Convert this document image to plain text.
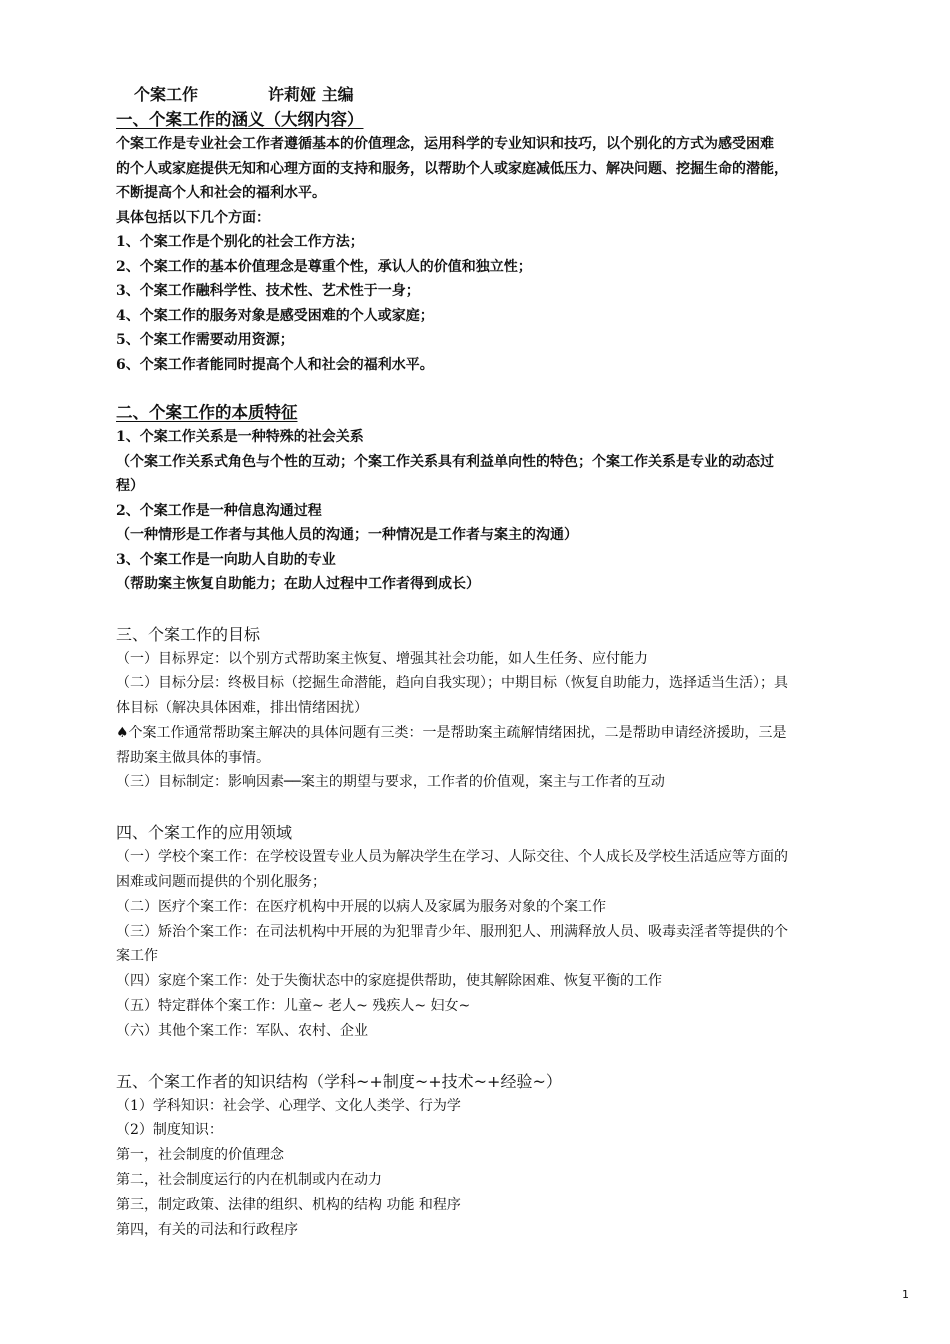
个案工作	许莉娅 主编
一、个案工作的涵义（大纲内容）
个案工作是专业社会工作者遵循基本的价值理念，运用科学的专业知识和技巧，以个别化的方式为感受困难
的个人或家庭提供无知和心理方面的支持和服务，以帮助个人或家庭减低压力、解决问题、挖掘生命的潜能，
不断提高个人和社会的福利水平。
具体包括以下几个方面：
1、个案工作是个别化的社会工作方法；
2、个案工作的基本价值理念是尊重个性，承认人的价值和独立性；
3、个案工作融科学性、技术性、艺术性于一身；
4、个案工作的服务对象是感受困难的个人或家庭；
5、个案工作需要动用资源；
6、个案工作者能同时提高个人和社会的福利水平。
二、个案工作的本质特征
1、个案工作关系是一种特殊的社会关系
（个案工作关系式角色与个性的互动；个案工作关系具有利益单向性的特色；个案工作关系是专业的动态过
程）
2、个案工作是一种信息沟通过程
（一种情形是工作者与其他人员的沟通；一种情况是工作者与案主的沟通）
3、个案工作是一向助人自助的专业
（帮助案主恢复自助能力；在助人过程中工作者得到成长）
三、个案工作的目标
（一）目标界定：以个别方式帮助案主恢复、增强其社会功能，如人生任务、应付能力
（二）目标分层：终极目标（挖掘生命潜能，趋向自我实现）；中期目标（恢复自助能力，选择适当生活）；具
体目标（解决具体困难，排出情绪困扰）
♠个案工作通常帮助案主解决的具体问题有三类：一是帮助案主疏解情绪困扰，二是帮助申请经济援助，三是
帮助案主做具体的事情。
（三）目标制定：影响因素──案主的期望与要求，工作者的价值观，案主与工作者的互动
四、个案工作的应用领域
（一）学校个案工作：在学校设置专业人员为解决学生在学习、人际交往、个人成长及学校生活适应等方面的
困难或问题而提供的个别化服务；
（二）医疗个案工作：在医疗机构中开展的以病人及家属为服务对象的个案工作
（三）矫治个案工作：在司法机构中开展的为犯罪青少年、服刑犯人、刑满释放人员、吸毒卖淫者等提供的个
案工作
（四）家庭个案工作：处于失衡状态中的家庭提供帮助，使其解除困难、恢复平衡的工作
（五）特定群体个案工作：儿童~ 老人~ 残疾人~ 妇女~
（六）其他个案工作：军队、农村、企业
五、个案工作者的知识结构（学科~+制度~+技术~+经验~）
（1）学科知识：社会学、心理学、文化人类学、行为学
（2）制度知识：
第一，社会制度的价值理念
第二，社会制度运行的内在机制或内在动力
第三，制定政策、法律的组织、机构的结构 功能 和程序
第四，有关的司法和行政程序
1
